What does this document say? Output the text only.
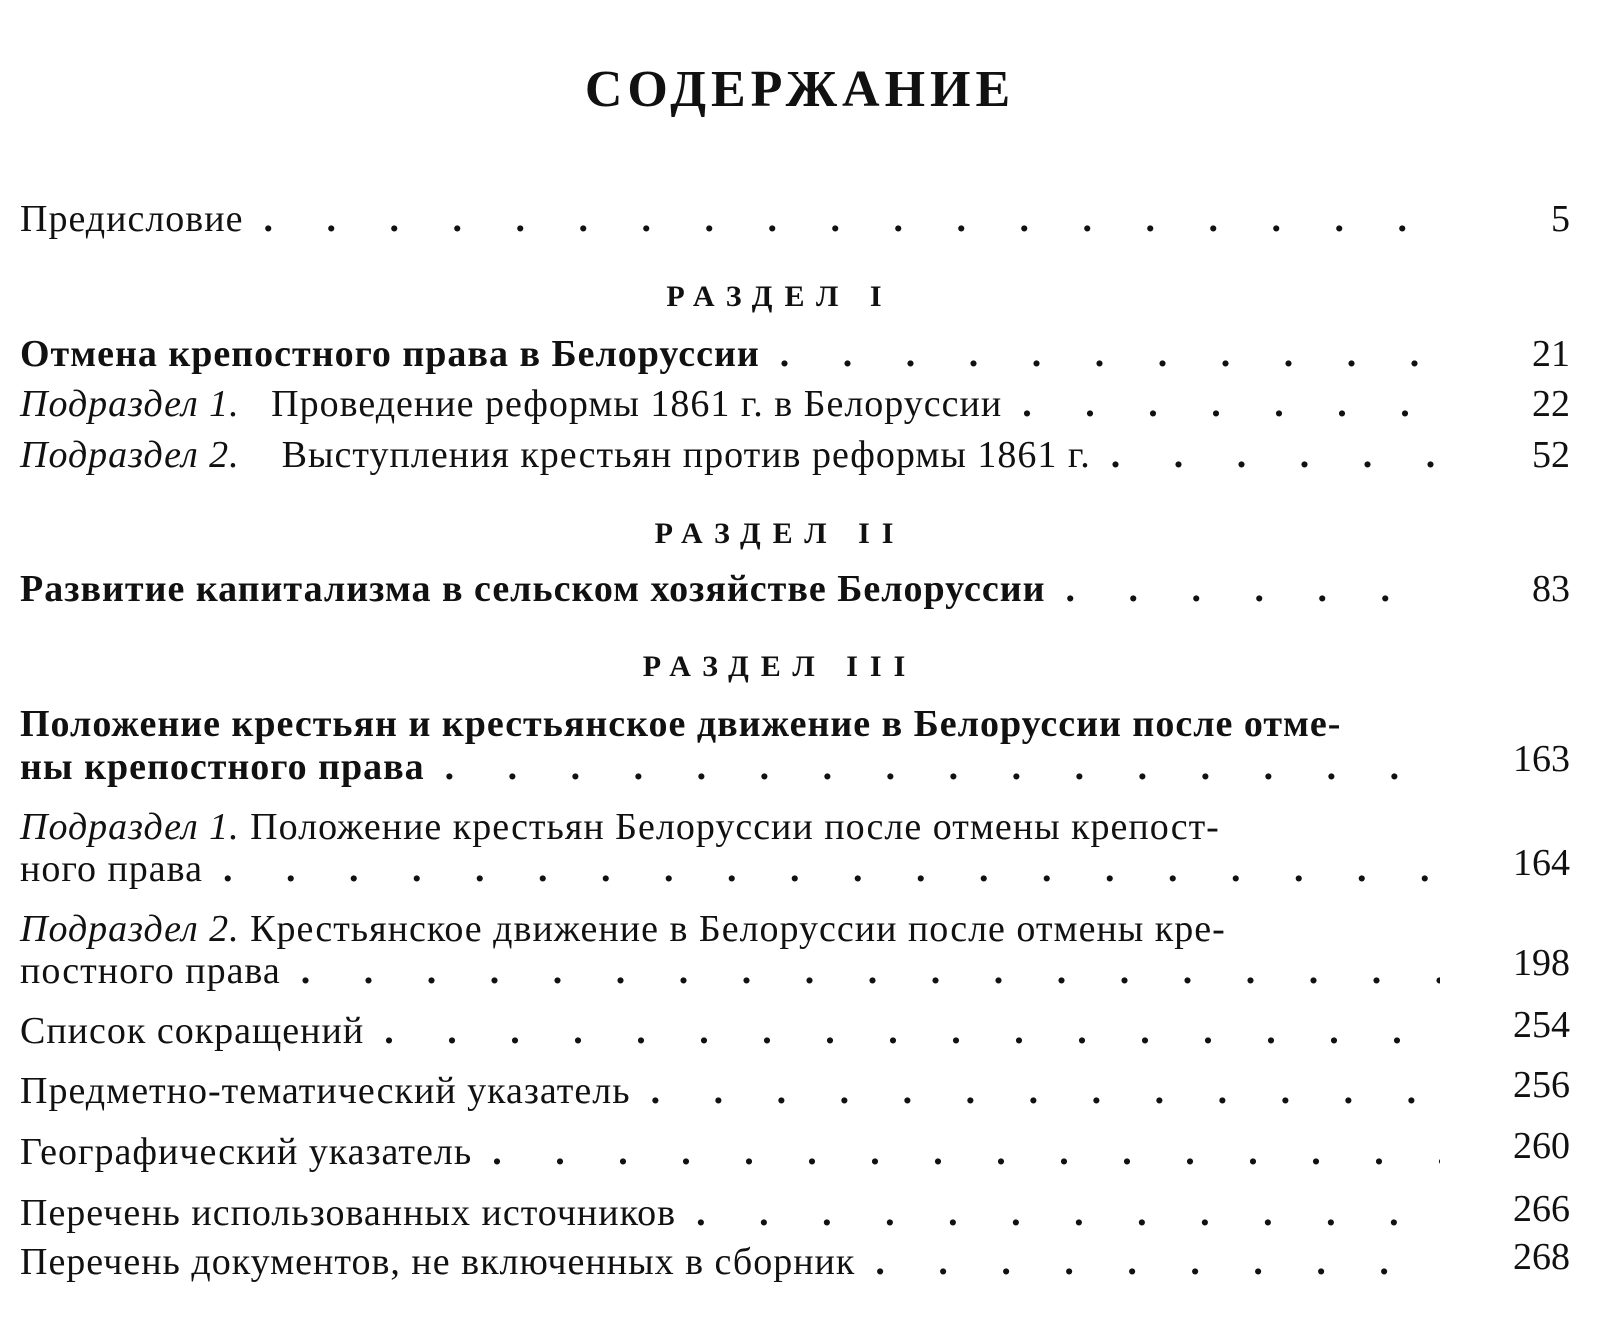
СОДЕРЖАНИЕ
Предисловие . . .	5
РАЗДЕЛ I
Отмена крепостного права в Белоруссии . . .	21
Подраздел 1. Проведение реформы 1861 г. в Белоруссии . . .	22
Подраздел 2. Выступления крестьян против реформы 1861 г. . . .	52
РАЗДЕЛ II
Развитие капитализма в сельском хозяйстве Белоруссии . . .	83
РАЗДЕЛ III
Положение крестьян и крестьянское движение в Белоруссии после отме-
ны крепостного права . . .	163
Подраздел 1. Положение крестьян Белоруссии после отмены крепост-
ного права . . .	164
Подраздел 2. Крестьянское движение в Белоруссии после отмены кре-
постного права . . .	198
Список сокращений . . .	254
Предметно-тематический указатель . . .	256
Географический указатель . . .	260
Перечень использованных источников . . .	266
Перечень документов, не включенных в сборник . . .	268
